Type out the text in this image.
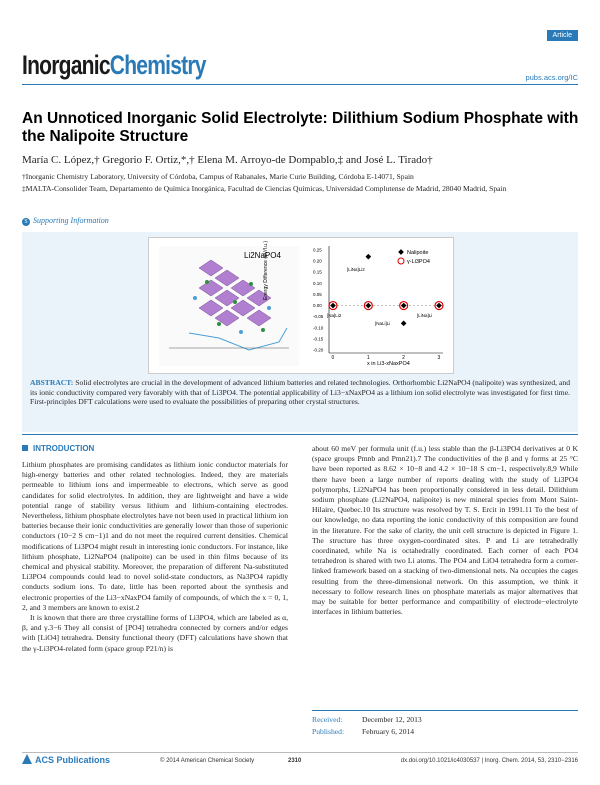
InorganicChemistry
Article
pubs.acs.org/IC
An Unnoticed Inorganic Solid Electrolyte: Dilithium Sodium Phosphate with the Nalipoite Structure
María C. López,† Gregorio F. Ortiz,*,† Elena M. Arroyo-de Dompablo,‡ and José L. Tirado†
†Inorganic Chemistry Laboratory, University of Córdoba, Campus of Rabanales, Marie Curie Building, Córdoba E-14071, Spain
‡MALTA-Consolider Team, Departamento de Química Inorgánica, Facultad de Ciencias Químicas, Universidad Complutense de Madrid, 28040 Madrid, Spain
S Supporting Information
Li2NaPO4
Energy Difference (eV/f.u.)
x in Li3-xNaxPO4
Nalipoite
γ-Li3PO4
[LiNa]Li2
[Na]Li2
[NaLi]Li
[LiNa]Li
0.25
0.20
0.15
0.10
0.05
0.00
-0.05
-0.10
-0.15
-0.20
0	1	2	3
ABSTRACT: Solid electrolytes are crucial in the development of advanced lithium batteries and related technologies. Orthorhombic Li2NaPO4 (nalipoite) was synthesized, and its ionic conductivity compared very favorably with that of Li3PO4. The potential applicability of Li3−xNaxPO4 as a lithium ion solid electrolyte was investigated for first time. First-principles DFT calculations were used to evaluate the possibilities of preparing other crystal structures.
INTRODUCTION

Lithium phosphates are promising candidates as lithium ionic conductor materials for high-energy batteries and other related technologies. Indeed, they are materials permeable to lithium ions and impermeable to electrons, which serve as good candidates for solid electrolytes. In addition, they are lightweight and have a wide potential range of stability versus lithium and lithium-containing electrodes. Nevertheless, lithium phosphate electrolytes have not been used in practical lithium ion batteries because their ionic conductivities are generally lower than those of superionic conductors (10−2 S cm−1)1 and do not meet the required current densities. Chemical modifications of Li3PO4 might result in interesting ionic conductors. For instance, like lithium phosphate, Li2NaPO4 (nalipoite) can be used in thin films because of its chemical and physical stability. Moreover, the preparation of different Na-substituted Li3PO4 compounds could lead to novel solid-state conductors, as Na3PO4 rapidly conducts sodium ions. To date, little has been reported about the synthesis and electronic properties of the Li3−xNaxPO4 family of compounds, of which the x = 0, 1, 2, and 3 members are known to exist.2

It is known that there are three crystalline forms of Li3PO4, which are labeled as α, β, and γ.3−6 They all consist of [PO4] tetrahedra connected by corners and/or edges with [LiO4] tetrahedra. Density functional theory (DFT) calculations have shown that the γ-Li3PO4-related form (space group P21/n) is

about 60 meV per formula unit (f.u.) less stable than the β-Li3PO4 derivatives at 0 K (space groups Pmnb and Pmn21).7 The conductivities of the β and γ forms at 25 °C have been reported as 8.62 × 10−8 and 4.2 × 10−18 S cm−1, respectively.8,9 While there have been a large number of reports dealing with the study of Li3PO4 polymorphs, Li2NaPO4 has been proportionally considered in less detail. Dilithium sodium phosphate (Li2NaPO4, nalipoite) is new mineral species from Mont Saint-Hilaire, Quebec.10 Its structure was resolved by T. S. Ercit in 1991.11 To the best of our knowledge, no data reporting the ionic conductivity of this composition are found in the literature. For the sake of clarity, the unit cell structure is depicted in Figure 1. The structure has three oxygen-coordinated sites. P and Li are tetrahedrally coordinated, while Na is octahedrally coordinated. Each corner of each PO4 tetrahedron is shared with two Li atoms. The PO4 and LiO4 tetrahedra form a corner-linked framework based on a stacking of two-dimensional nets. Na occupies the cages resulting from the three-dimensional network. On this assumption, we think it necessary to follow research lines on phosphate materials as major alternatives that may be suitable for better performance and compatibility of electrode−electrolyte interfaces in lithium batteries.

Received:	December 12, 2013
Published: February 6, 2014
ACS Publications	© 2014 American Chemical Society	2310	dx.doi.org/10.1021/ic4030537 | Inorg. Chem. 2014, 53, 2310−2316
